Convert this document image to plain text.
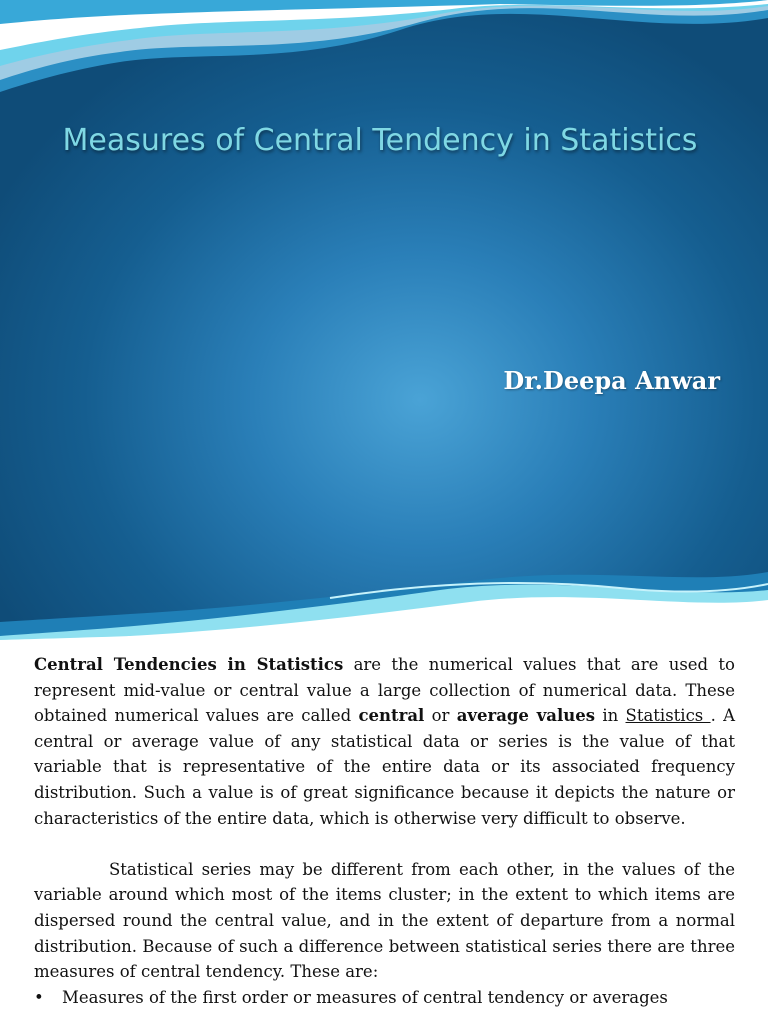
Measures of Central Tendency in Statistics
Dr.Deepa Anwar

Central Tendencies in Statistics are the numerical values that are used to represent mid-value or central value a large collection of numerical data. These obtained numerical values are called central or average values in Statistics . A central or average value of any statistical data or series is the value of that variable that is representative of the entire data or its associated frequency distribution. Such a value is of great significance because it depicts the nature or characteristics of the entire data, which is otherwise very difficult to observe.

Statistical series may be different from each other, in the values of the variable around which most of the items cluster; in the extent to which items are dispersed round the central value, and in the extent of departure from a normal distribution. Because of such a difference between statistical series there are three measures of central tendency. These are:

•	Measures of the first order or measures of central tendency or averages
